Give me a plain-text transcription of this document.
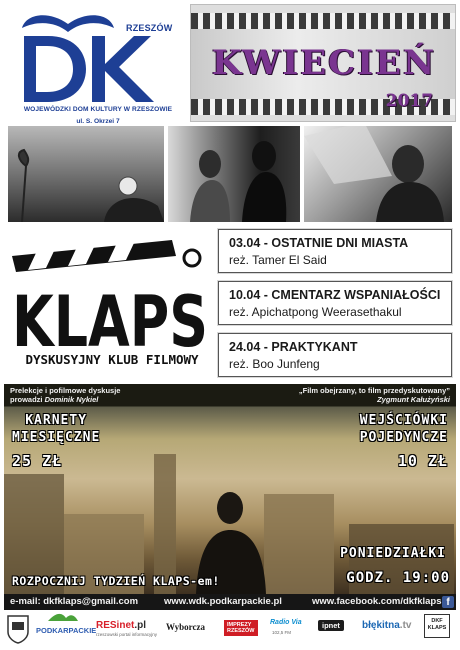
RZESZÓW
WOJEWÓDZKI DOM KULTURY W RZESZOWIE
ul. S. Okrzei 7
KWIECIEŃ
2017
KLAPS
DYSKUSYJNY KLUB FILMOWY
03.04 - OSTATNIE DNI MIASTA
reż. Tamer El Said
10.04 - CMENTARZ WSPANIAŁOŚCI
reż. Apichatpong Weerasethakul
24.04 - PRAKTYKANT
reż. Boo Junfeng
Prelekcje i pofilmowe dyskusje
prowadzi Dominik Nykiel
„Film obejrzany, to film przedyskutowany”
Zygmunt Kałużyński
KARNETY
MIESIĘCZNE
25 ZŁ
WEJŚCIÓWKI
POJEDYNCZE
10 ZŁ
PONIEDZIAŁKI
GODZ. 19:00
ROZPOCZNIJ TYDZIEŃ KLAPS-em!
e-mail: dkfklaps@gmail.com	www.wdk.podkarpackie.pl	www.facebook.com/dkfklaps f
PODKARPACKIE RESinet.pl
rzeszowski portal informacyjny
Wyborcza	IMPREZY
RZESZÓW
Radio Via
102,5 FM
ipnet	błękitna.tv	DKF
KLAPS
